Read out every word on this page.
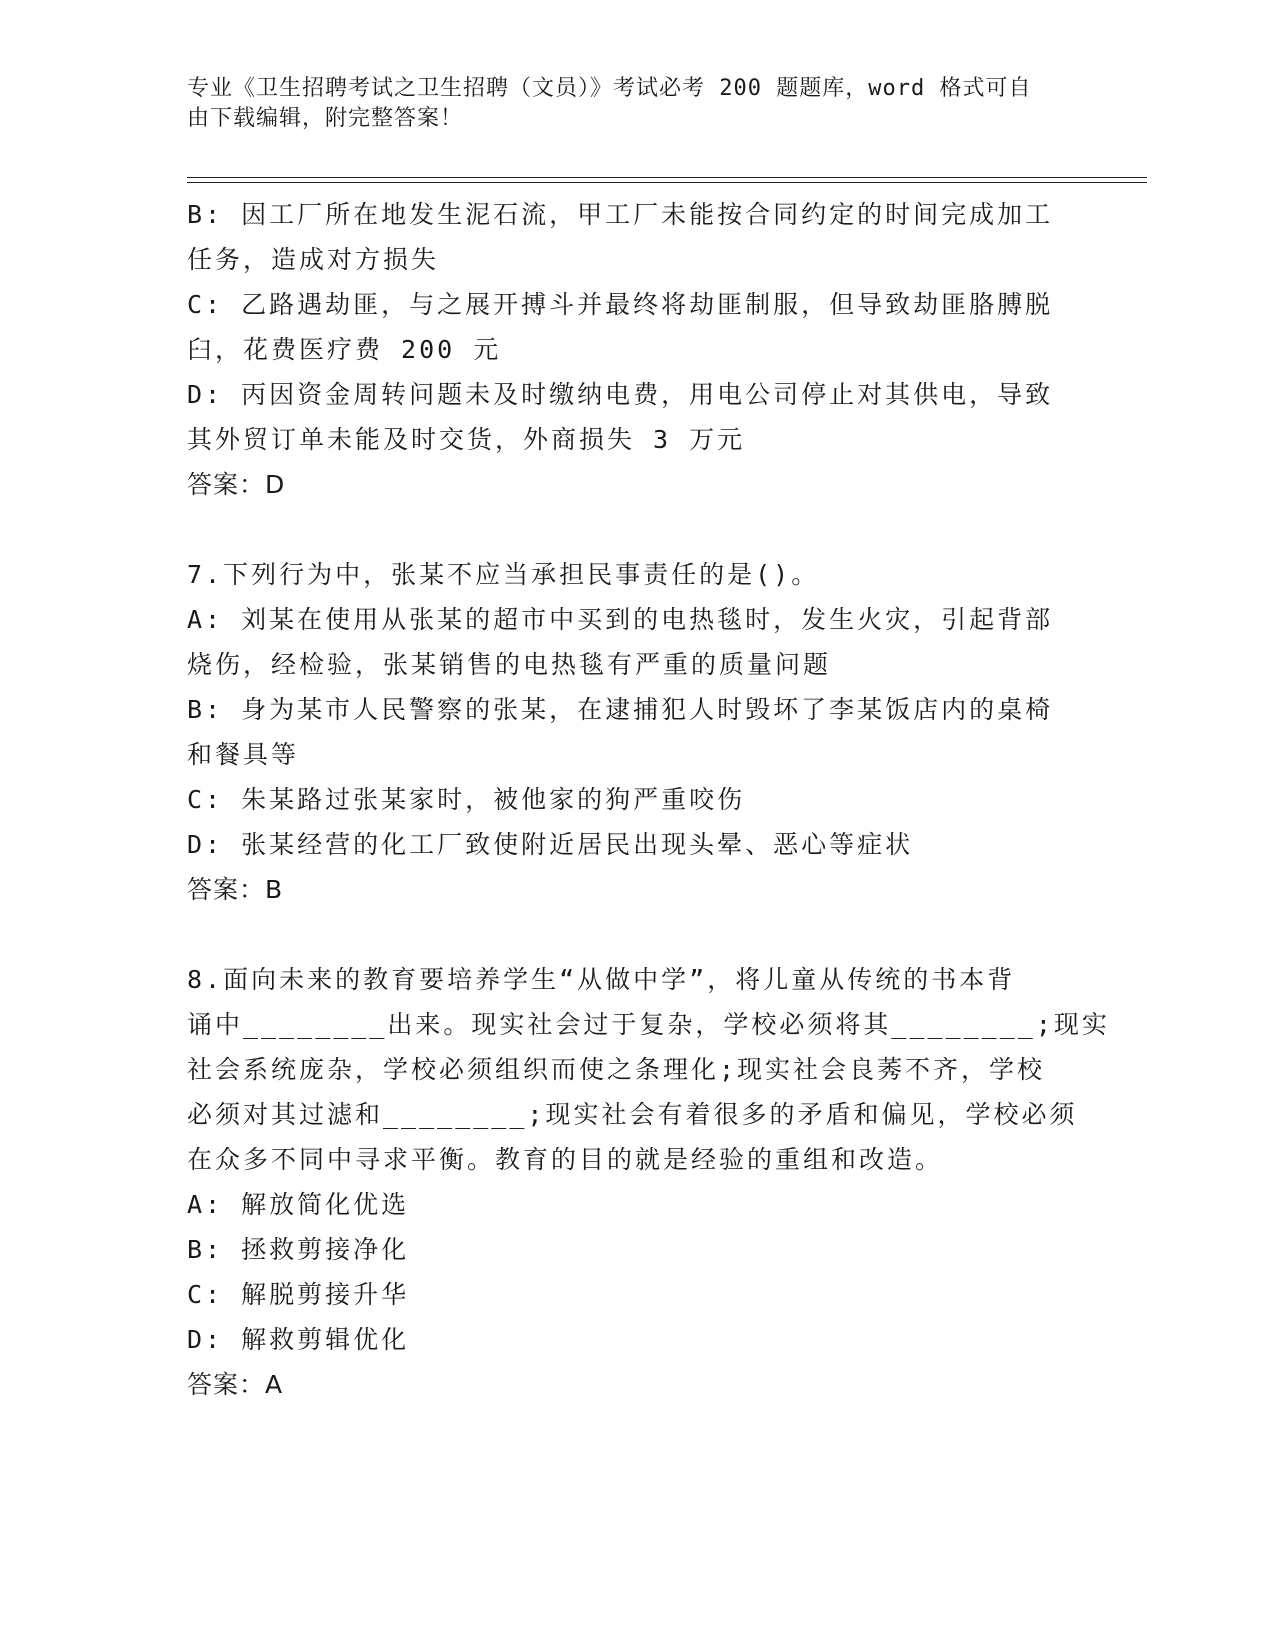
专业《卫生招聘考试之卫生招聘（文员）》考试必考 200 题题库，word 格式可自
由下载编辑，附完整答案！
B: 因工厂所在地发生泥石流，甲工厂未能按合同约定的时间完成加工
任务，造成对方损失
C: 乙路遇劫匪，与之展开搏斗并最终将劫匪制服，但导致劫匪胳膊脱
臼，花费医疗费 200 元
D: 丙因资金周转问题未及时缴纳电费，用电公司停止对其供电，导致
其外贸订单未能及时交货，外商损失 3 万元
答案：D
7.下列行为中，张某不应当承担民事责任的是()。
A: 刘某在使用从张某的超市中买到的电热毯时，发生火灾，引起背部
烧伤，经检验，张某销售的电热毯有严重的质量问题
B: 身为某市人民警察的张某，在逮捕犯人时毁坏了李某饭店内的桌椅
和餐具等
C: 朱某路过张某家时，被他家的狗严重咬伤
D: 张某经营的化工厂致使附近居民出现头晕、恶心等症状
答案：B
8.面向未来的教育要培养学生“从做中学”，将儿童从传统的书本背
诵中________出来。现实社会过于复杂，学校必须将其________;现实
社会系统庞杂，学校必须组织而使之条理化;现实社会良莠不齐，学校
必须对其过滤和________;现实社会有着很多的矛盾和偏见，学校必须
在众多不同中寻求平衡。教育的目的就是经验的重组和改造。
A: 解放简化优选
B: 拯救剪接净化
C: 解脱剪接升华
D: 解救剪辑优化
答案：A
